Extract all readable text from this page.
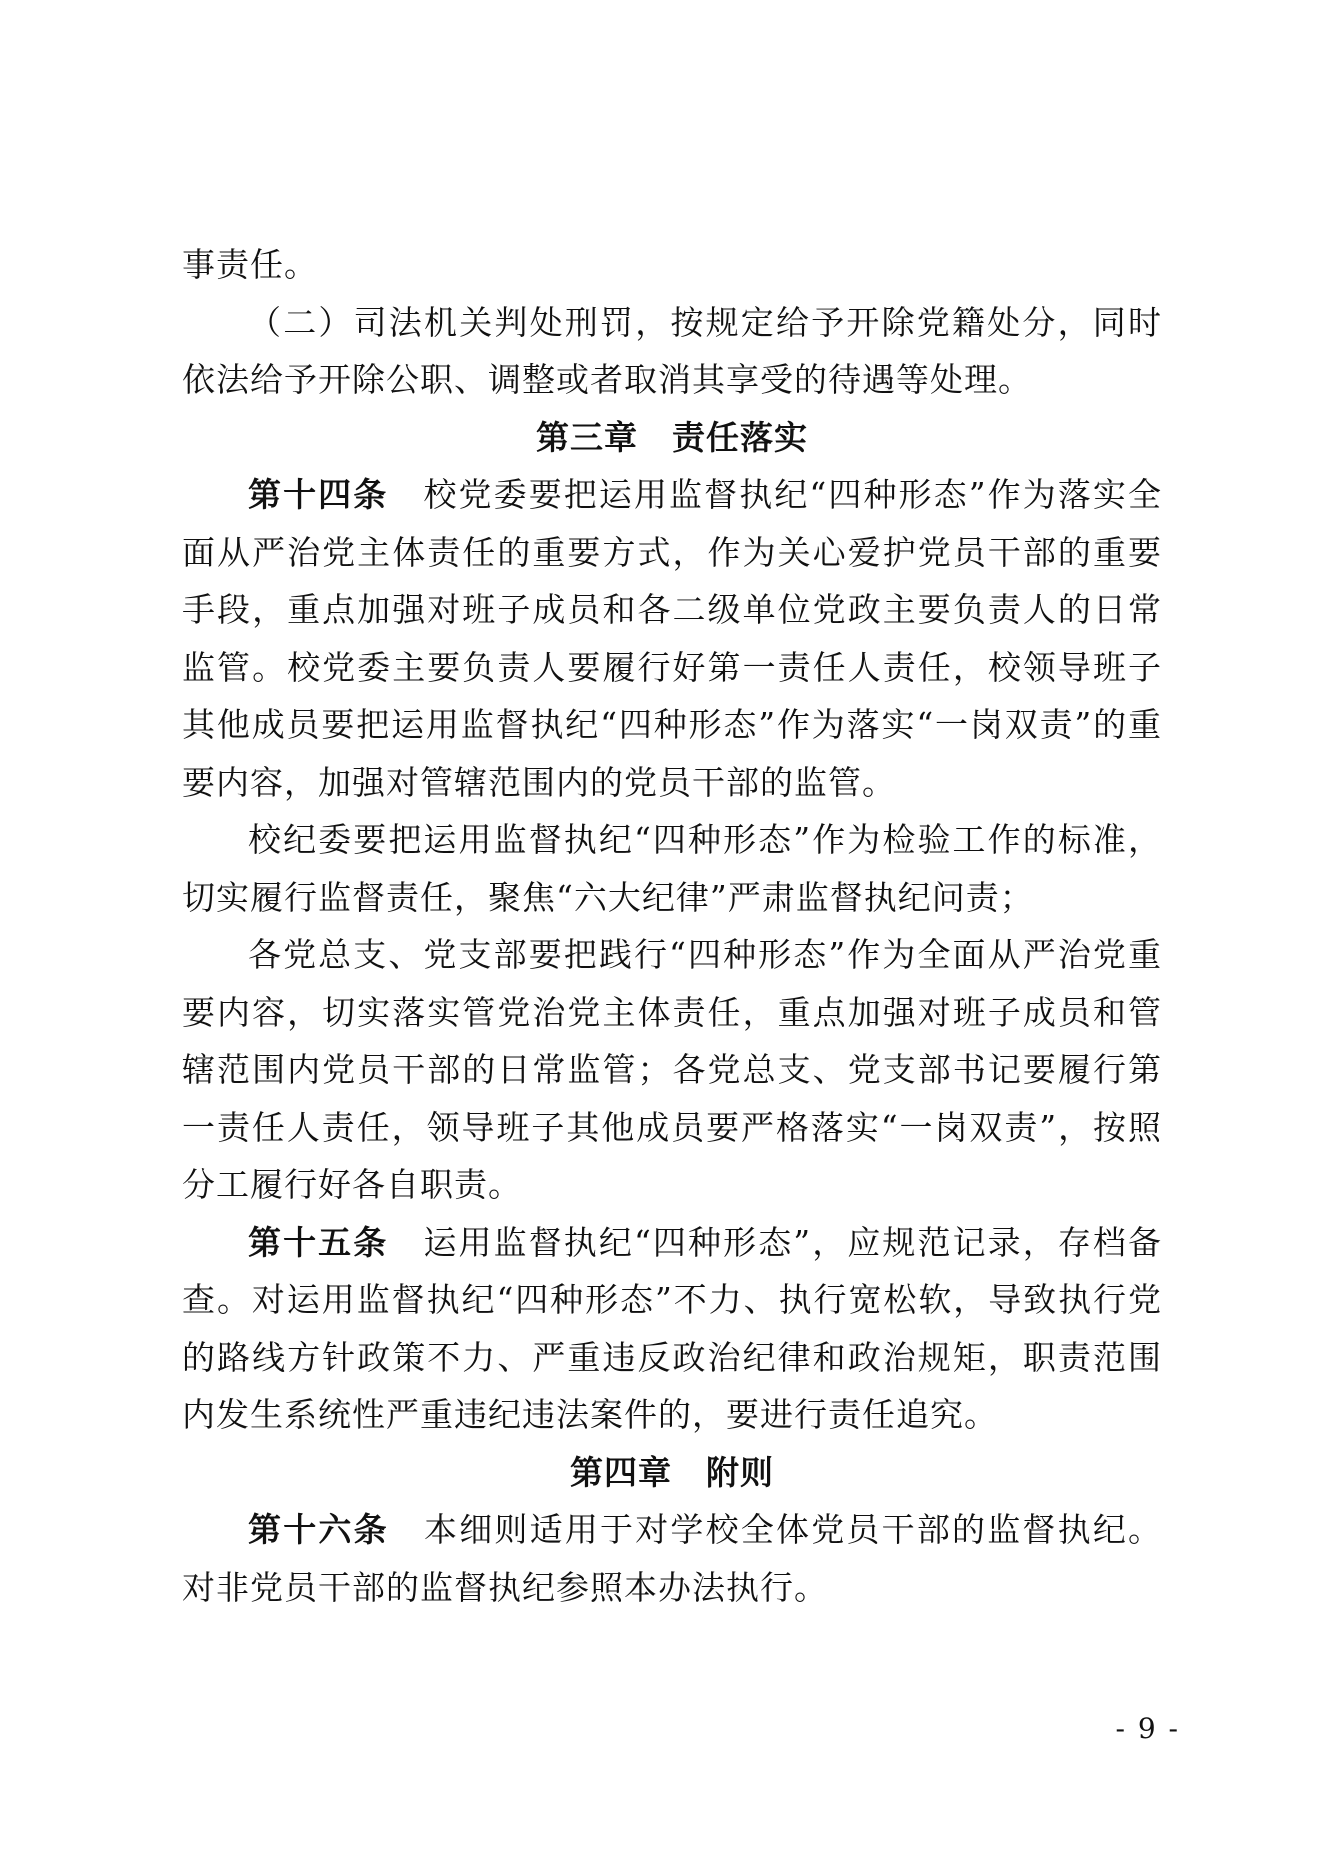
事责任。

（二）司法机关判处刑罚，按规定给予开除党籍处分，同时依法给予开除公职、调整或者取消其享受的待遇等处理。

第三章　责任落实

第十四条　 校党委要把运用监督执纪“四种形态”作为落实全面从严治党主体责任的重要方式，作为关心爱护党员干部的重要手段，重点加强对班子成员和各二级单位党政主要负责人的日常监管。校党委主要负责人要履行好第一责任人责任，校领导班子其他成员要把运用监督执纪“四种形态”作为落实“一岗双责”的重要内容，加强对管辖范围内的党员干部的监管。

校纪委要把运用监督执纪“四种形态”作为检验工作的标准，切实履行监督责任，聚焦“六大纪律”严肃监督执纪问责；

各党总支、党支部要把践行“四种形态”作为全面从严治党重要内容，切实落实管党治党主体责任，重点加强对班子成员和管辖范围内党员干部的日常监管；各党总支、党支部书记要履行第一责任人责任，领导班子其他成员要严格落实“一岗双责”，按照分工履行好各自职责。

第十五条　 运用监督执纪“四种形态”，应规范记录，存档备查。对运用监督执纪“四种形态”不力、执行宽松软，导致执行党的路线方针政策不力、严重违反政治纪律和政治规矩，职责范围内发生系统性严重违纪违法案件的，要进行责任追究。

第四章　附则

第十六条　 本细则适用于对学校全体党员干部的监督执纪。对非党员干部的监督执纪参照本办法执行。

- 9 -
